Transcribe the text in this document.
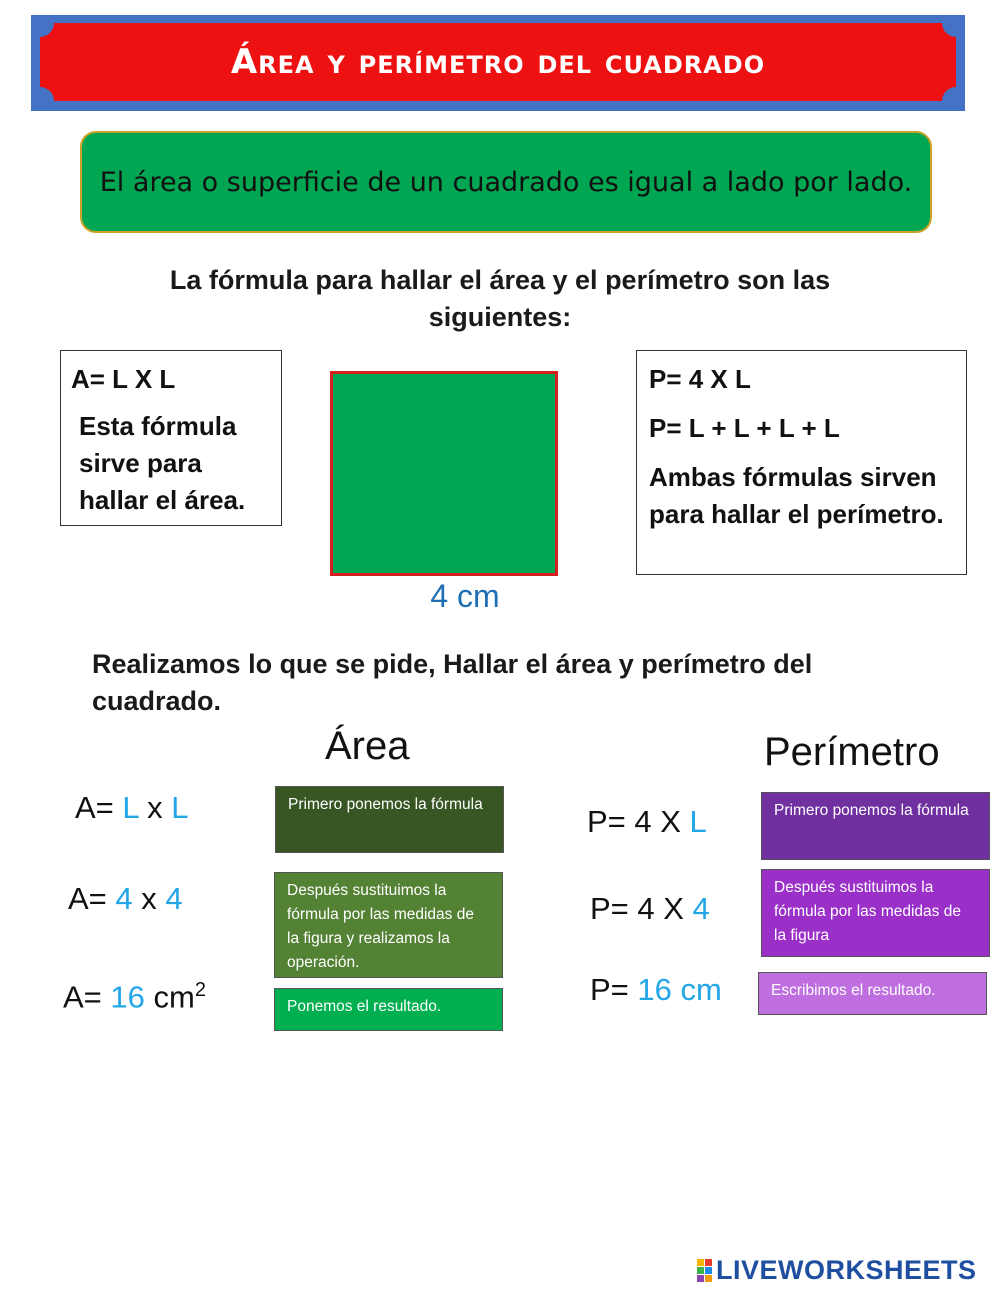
Área y perímetro del cuadrado
El área o superficie de un cuadrado es igual a lado por lado.
La fórmula para hallar el área y el perímetro son las siguientes:

A= L X L

Esta fórmula sirve para hallar el área.

4 cm

P= 4 X L

P= L + L + L + L

Ambas fórmulas sirven para hallar el perímetro.

Realizamos lo que se pide, Hallar el área y perímetro del cuadrado.
Área
A= L x L
A= 4 x 4
A= 16 $cm^2$
Primero ponemos la fórmula
Después sustituimos la fórmula por las medidas de la figura y realizamos la operación.
Ponemos el resultado.
Perímetro
P= 4 X L
P= 4 X 4
P= 16 cm
Primero ponemos la fórmula
Después sustituimos la fórmula por las medidas de la figura
Escribimos el resultado.
LIVEWORKSHEETS
